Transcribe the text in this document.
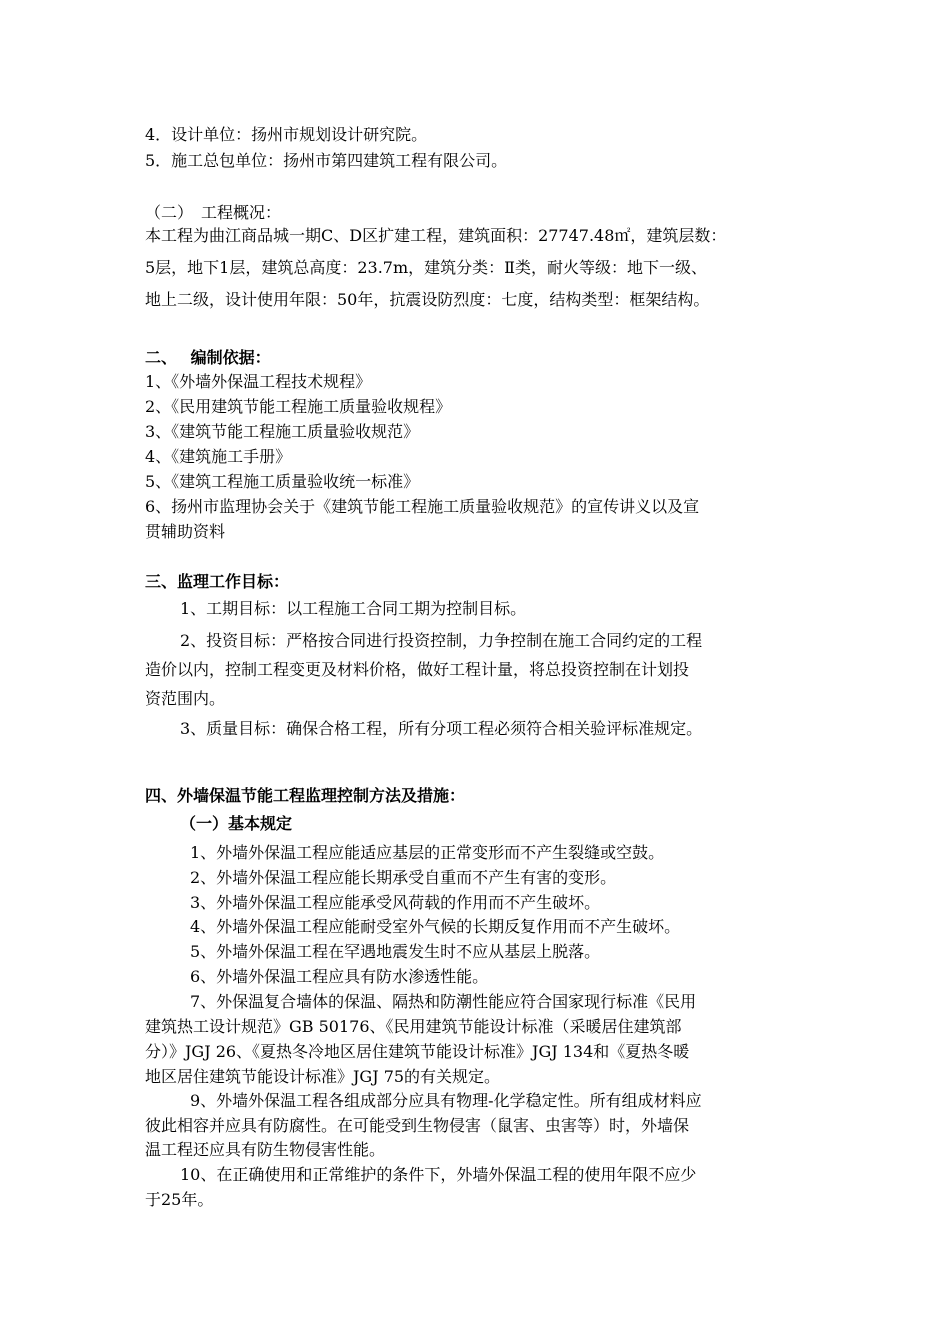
4．设计单位：扬州市规划设计研究院。
5．施工总包单位：扬州市第四建筑工程有限公司。
（二）　工程概况：
本工程为曲江商品城一期C、D区扩建工程，建筑面积：27747.48㎡，建筑层数：
5层，地下1层，建筑总高度：23.7m，建筑分类：Ⅱ类，耐火等级：地下一级、
地上二级，设计使用年限：50年，抗震设防烈度：七度，结构类型：框架结构。
二、　 编制依据：
1、《外墙外保温工程技术规程》
2、《民用建筑节能工程施工质量验收规程》
3、《建筑节能工程施工质量验收规范》
4、《建筑施工手册》
5、《建筑工程施工质量验收统一标准》
6、扬州市监理协会关于《建筑节能工程施工质量验收规范》的宣传讲义以及宣
贯辅助资料
三、监理工作目标：
1、工期目标：以工程施工合同工期为控制目标。
2、投资目标：严格按合同进行投资控制，力争控制在施工合同约定的工程
造价以内，控制工程变更及材料价格，做好工程计量，将总投资控制在计划投
资范围内。
3、质量目标：确保合格工程，所有分项工程必须符合相关验评标准规定。
四、外墙保温节能工程监理控制方法及措施：
（一）基本规定
1、外墙外保温工程应能适应基层的正常变形而不产生裂缝或空鼓。
2、外墙外保温工程应能长期承受自重而不产生有害的变形。
3、外墙外保温工程应能承受风荷载的作用而不产生破坏。
4、外墙外保温工程应能耐受室外气候的长期反复作用而不产生破坏。
5、外墙外保温工程在罕遇地震发生时不应从基层上脱落。
6、外墙外保温工程应具有防水渗透性能。
7、外保温复合墙体的保温、隔热和防潮性能应符合国家现行标准《民用
建筑热工设计规范》GB 50176、《民用建筑节能设计标准（采暖居住建筑部
分）》JGJ 26、《夏热冬冷地区居住建筑节能设计标准》JGJ 134和《夏热冬暖
地区居住建筑节能设计标准》JGJ 75的有关规定。
9、外墙外保温工程各组成部分应具有物理-化学稳定性。所有组成材料应
彼此相容并应具有防腐性。在可能受到生物侵害（鼠害、虫害等）时，外墙保
温工程还应具有防生物侵害性能。
10、在正确使用和正常维护的条件下，外墙外保温工程的使用年限不应少
于25年。
